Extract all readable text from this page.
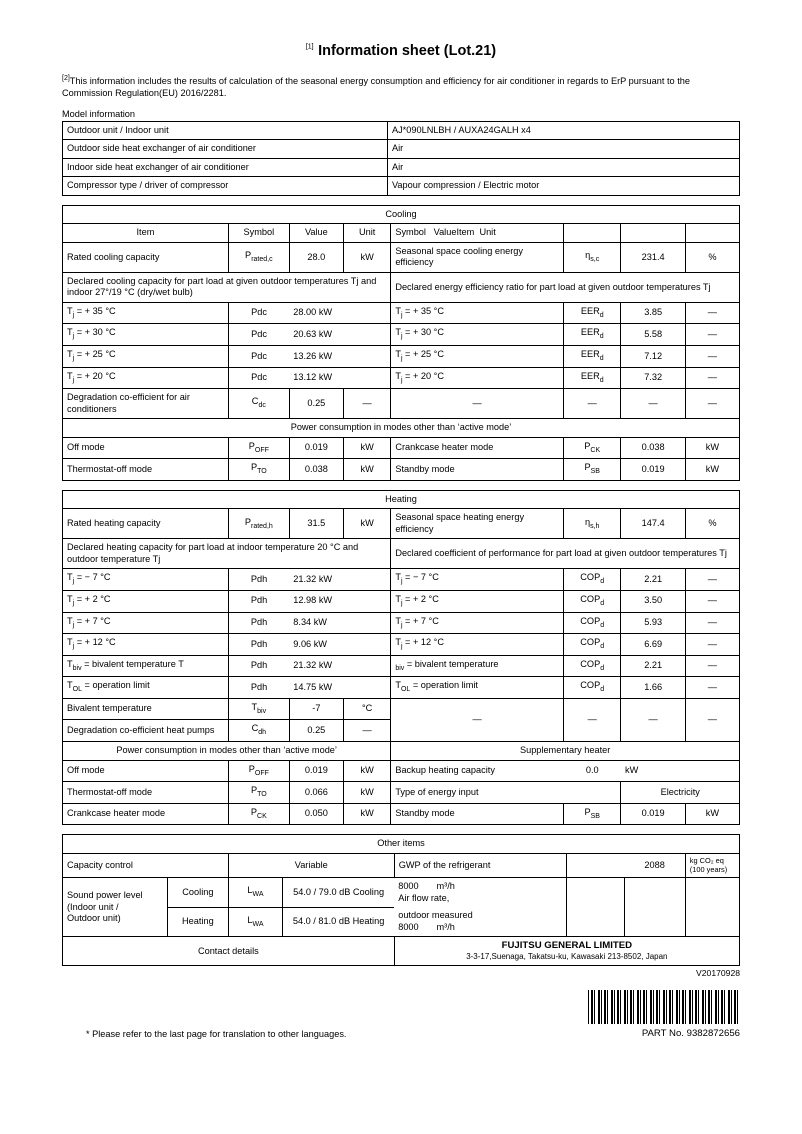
[1] Information sheet (Lot.21)
[2]This information includes the results of calculation of the seasonal energy consumption and efficiency for air conditioner in regards to ErP pursuant to the Commission Regulation(EU) 2016/2281.
Model information
Outdoor unit / Indoor unit	AJ*090LNLBH / AUXA24GALH x4
Outdoor side heat exchanger of air conditioner	Air
Indoor side heat exchanger of air conditioner	Air
Compressor type / driver of compressor	Vapour compression / Electric motor
Cooling							
Item	Symbol	Value	Unit	Symbol ValueItem Unit			
Rated cooling capacity	$P_{rated,c}$	28.0	kW	Seasonal space cooling energy efficiency	$\eta_{s,c}$	231.4	%
Declared cooling capacity for part load at given outdoor temperatures Tj and indoor 27°/19 °C (dry/wet bulb)				Declared energy efficiency ratio for part load at given outdoor temperatures Tj			
$T_j$ = + 35 °C	Pdc	28.00 kW		$T_j$ = + 35 °C	$EER_d$	3.85	—
$T_j$ = + 30 °C	Pdc	20.63 kW		$T_j$ = + 30 °C	$EER_d$	5.58	—
$T_j$ = + 25 °C	Pdc	13.26 kW		$T_j$ = + 25 °C	$EER_d$	7.12	—
$T_j$ = + 20 °C	Pdc	13.12 kW		$T_j$ = + 20 °C	$EER_d$	7.32	—
Degradation co-efficient for air conditioners	$C_{dc}$	0.25	—	—	—	—	—
Power consumption in modes other than ‘active mode’							
Off mode	$P_{OFF}$	0.019	kW	Crankcase heater mode	$P_{CK}$	0.038	kW
Thermostat-off mode	$P_{TO}$	0.038	kW	Standby mode	$P_{SB}$	0.019	kW
Heating							
Rated heating capacity	$P_{rated,h}$	31.5	kW	Seasonal space heating energy efficiency	$\eta_{s,h}$	147.4	%
Declared heating capacity for part load at indoor temperature 20 °C and outdoor temperature Tj				Declared coefficient of performance for part load at given outdoor temperatures Tj			
$T_j$ = − 7 °C	Pdh	21.32 kW		$T_j$ = − 7 °C	$COP_d$	2.21	—
$T_j$ = + 2 °C	Pdh	12.98 kW		$T_j$ = + 2 °C	$COP_d$	3.50	—
$T_j$ = + 7 °C	Pdh	8.34 kW		$T_j$ = + 7 °C	$COP_d$	5.93	—
$T_j$ = + 12 °C	Pdh	9.06 kW		$T_j$ = + 12 °C	$COP_d$	6.69	—
$T_{biv}$ = bivalent temperature T	Pdh	21.32 kW		$_{biv}$ = bivalent temperature	$COP_d$	2.21	—
$T_{OL}$ = operation limit	Pdh	14.75 kW		$T_{OL}$ = operation limit	$COP_d$	1.66	—
Bivalent temperature	$T_{biv}$	-7	°C	—	—	—	—
Degradation co-efficient heat pumps	$C_{dh}$	0.25	—				
Power consumption in modes other than ‘active mode’				Supplementary heater			
Off mode	$P_{OFF}$	0.019	kW	Backup heating capacity	0.0	kW	
Thermostat-off mode	$P_{TO}$	0.066	kW	Type of energy input		Electricity	
Crankcase heater mode	$P_{CK}$	0.050	kW	Standby mode	$P_{SB}$	0.019	kW
Other items							
Capacity control		Variable		GWP of the refrigerant		2088	kg CO₂ eq
(100 years)
Sound power level
(Indoor unit /
Outdoor unit)	Cooling	$L_{WA}$	54.0 / 79.0 dB Cooling	8000 m³/h
Air flow rate,			
	Heating	$L_{WA}$	54.0 / 81.0 dB Heating	outdoor measured
8000 m³/h			
Contact details				FUJITSU GENERAL LIMITED
3-3-17,Suenaga, Takatsu-ku, Kawasaki 213-8502, Japan			
V20170928
* Please refer to the last page for translation to other languages.	PART No. 9382872656
